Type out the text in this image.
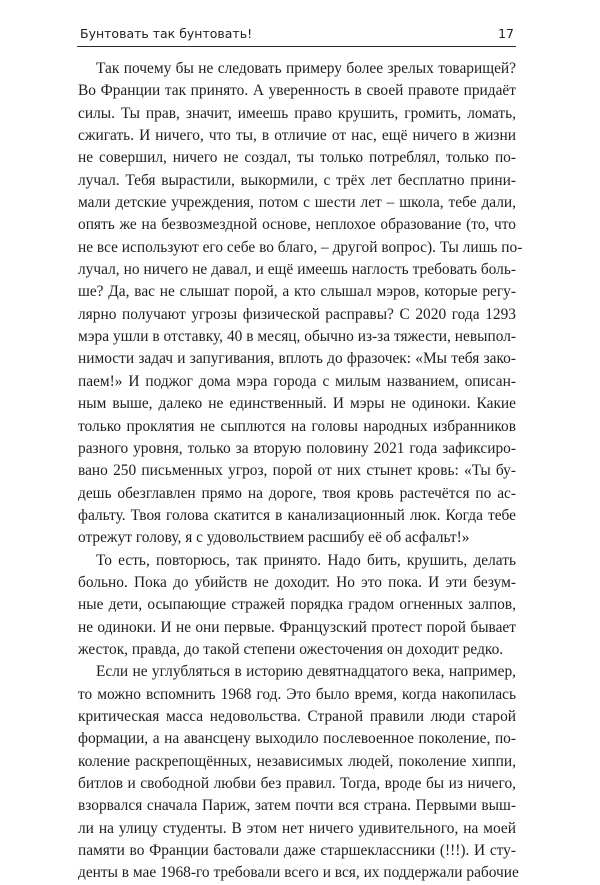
Бунтовать так бунтовать!	17
Так почему бы не следовать примеру более зрелых товарищей?
Во Франции так принято. А уверенность в своей правоте придаёт
силы. Ты прав, значит, имеешь право крушить, громить, ломать,
сжигать. И ничего, что ты, в отличие от нас, ещё ничего в жизни
не совершил, ничего не создал, ты только потреблял, только по-
лучал. Тебя вырастили, выкормили, с трёх лет бесплатно прини-
мали детские учреждения, потом с шести лет – школа, тебе дали,
опять же на безвозмездной основе, неплохое образование (то, что
не все используют его себе во благо, – другой вопрос). Ты лишь по-
лучал, но ничего не давал, и ещё имеешь наглость требовать боль-
ше? Да, вас не слышат порой, а кто слышал мэров, которые регу-
лярно получают угрозы физической расправы? С 2020 года 1293
мэра ушли в отставку, 40 в месяц, обычно из-за тяжести, невыпол-
нимости задач и запугивания, вплоть до фразочек: «Мы тебя зако-
паем!» И поджог дома мэра города с милым названием, описан-
ным выше, далеко не единственный. И мэры не одиноки. Какие
только проклятия не сыплются на головы народных избранников
разного уровня, только за вторую половину 2021 года зафиксиро-
вано 250 письменных угроз, порой от них стынет кровь: «Ты бу-
дешь обезглавлен прямо на дороге, твоя кровь растечётся по ас-
фальту. Твоя голова скатится в канализационный люк. Когда тебе
отрежут голову, я с удовольствием расшибу её об асфальт!»
То есть, повторюсь, так принято. Надо бить, крушить, делать
больно. Пока до убийств не доходит. Но это пока. И эти безум-
ные дети, осыпающие стражей порядка градом огненных залпов,
не одиноки. И не они первые. Французский протест порой бывает
жесток, правда, до такой степени ожесточения он доходит редко.
Если не углубляться в историю девятнадцатого века, например,
то можно вспомнить 1968 год. Это было время, когда накопилась
критическая масса недовольства. Страной правили люди старой
формации, а на авансцену выходило послевоенное поколение, по-
коление раскрепощённых, независимых людей, поколение хиппи,
битлов и свободной любви без правил. Тогда, вроде бы из ничего,
взорвался сначала Париж, затем почти вся страна. Первыми выш-
ли на улицу студенты. В этом нет ничего удивительного, на моей
памяти во Франции бастовали даже старшеклассники (!!!). И сту-
денты в мае 1968-го требовали всего и вся, их поддержали рабочие
